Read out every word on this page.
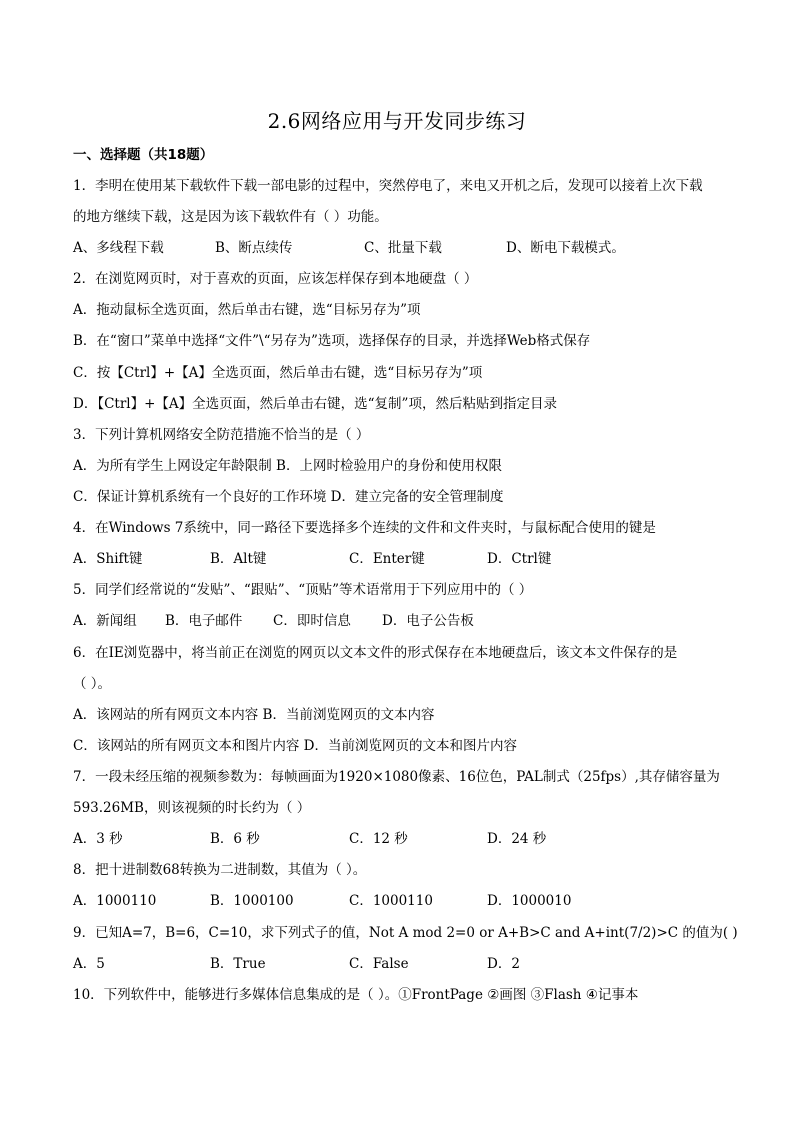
2.6网络应用与开发同步练习
一、选择题（共18题）
1．李明在使用某下载软件下载一部电影的过程中，突然停电了，来电又开机之后，发现可以接着上次下载
的地方继续下载，这是因为该下载软件有（ ）功能。
A、多线程下载	B、断点续传	C、批量下载	D、断电下载模式。
2．在浏览网页时，对于喜欢的页面，应该怎样保存到本地硬盘（ ）
A．拖动鼠标全选页面，然后单击右键，选“目标另存为”项
B．在“窗口”菜单中选择“文件”\“另存为”选项，选择保存的目录，并选择Web格式保存
C．按【Ctrl】+【A】全选页面，然后单击右键，选“目标另存为”项
D．【Ctrl】+【A】全选页面，然后单击右键，选“复制”项，然后粘贴到指定目录
3．下列计算机网络安全防范措施不恰当的是（ ）
A．为所有学生上网设定年龄限制 B．上网时检验用户的身份和使用权限
C．保证计算机系统有一个良好的工作环境 D．建立完备的安全管理制度
4．在Windows 7系统中，同一路径下要选择多个连续的文件和文件夹时，与鼠标配合使用的键是
A．Shift键	B．Alt键	C．Enter键	D．Ctrl键
5．同学们经常说的“发贴”、“跟贴”、“顶贴”等术语常用于下列应用中的（ ）
A．新闻组 B．电子邮件 C．即时信息 D．电子公告板
6．在IE浏览器中，将当前正在浏览的网页以文本文件的形式保存在本地硬盘后，该文本文件保存的是
（ ）。
A．该网站的所有网页文本内容 B．当前浏览网页的文本内容
C．该网站的所有网页文本和图片内容 D．当前浏览网页的文本和图片内容
7．一段未经压缩的视频参数为：每帧画面为1920×1080像素、16位色，PAL制式（25fps）,其存储容量为
593.26MB，则该视频的时长约为（ ）
A．3 秒	B．6 秒	C．12 秒	D．24 秒
8．把十进制数68转换为二进制数，其值为（ ）。
A．1000110	B．1000100	C．1000110	D．1000010
9．已知A=7，B=6，C=10，求下列式子的值，Not A mod 2=0 or A+B>C and A+int(7/2)>C 的值为( )
A．5	B．True	C．False	D．2
10．下列软件中，能够进行多媒体信息集成的是（ ）。①FrontPage ②画图 ③Flash ④记事本
